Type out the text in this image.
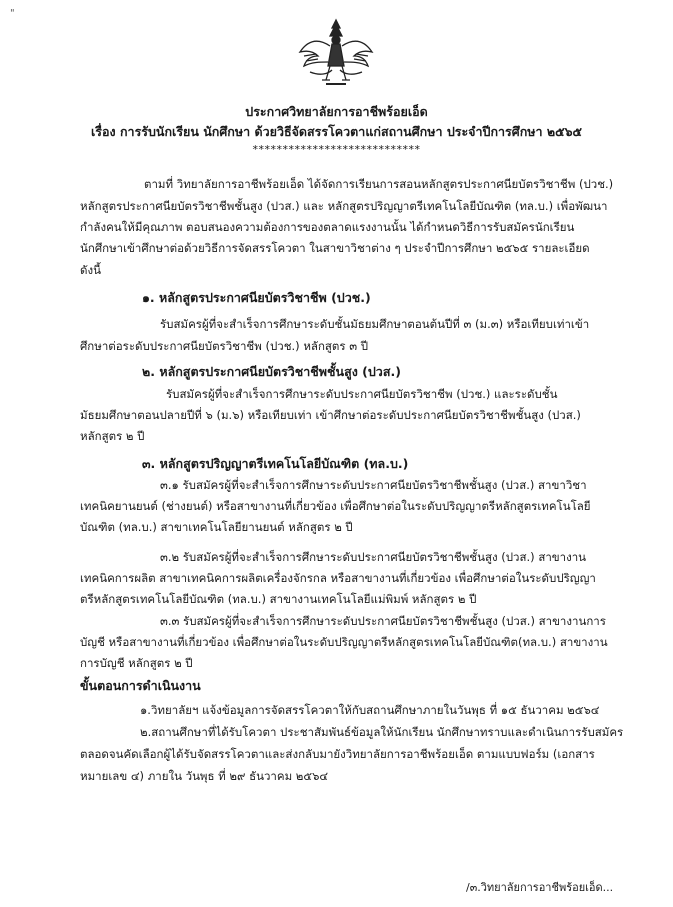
"
ประกาศวิทยาลัยการอาชีพร้อยเอ็ด
เรื่อง การรับนักเรียน นักศึกษา ด้วยวิธีจัดสรรโควตาแก่สถานศึกษา ประจำปีการศึกษา ๒๕๖๕
****************************
ตามที่ วิทยาลัยการอาชีพร้อยเอ็ด ได้จัดการเรียนการสอนหลักสูตรประกาศนียบัตรวิชาชีพ (ปวช.)
หลักสูตรประกาศนียบัตรวิชาชีพชั้นสูง (ปวส.) และ หลักสูตรปริญญาตรีเทคโนโลยีบัณฑิต (ทล.บ.) เพื่อพัฒนา
กำลังคนให้มีคุณภาพ ตอบสนองความต้องการของตลาดแรงงานนั้น ได้กำหนดวิธีการรับสมัครนักเรียน
นักศึกษาเข้าศึกษาต่อด้วยวิธีการจัดสรรโควตา ในสาขาวิชาต่าง ๆ ประจำปีการศึกษา ๒๕๖๕ รายละเอียด
ดังนี้
๑. หลักสูตรประกาศนียบัตรวิชาชีพ (ปวช.)
รับสมัครผู้ที่จะสำเร็จการศึกษาระดับชั้นมัธยมศึกษาตอนต้นปีที่ ๓ (ม.๓) หรือเทียบเท่าเข้า
ศึกษาต่อระดับประกาศนียบัตรวิชาชีพ (ปวช.) หลักสูตร ๓ ปี
๒. หลักสูตรประกาศนียบัตรวิชาชีพชั้นสูง (ปวส.)
รับสมัครผู้ที่จะสำเร็จการศึกษาระดับประกาศนียบัตรวิชาชีพ (ปวช.) และระดับชั้น
มัธยมศึกษาตอนปลายปีที่ ๖ (ม.๖) หรือเทียบเท่า เข้าศึกษาต่อระดับประกาศนียบัตรวิชาชีพชั้นสูง (ปวส.)
หลักสูตร ๒ ปี
๓. หลักสูตรปริญญาตรีเทคโนโลยีบัณฑิต (ทล.บ.)
๓.๑ รับสมัครผู้ที่จะสำเร็จการศึกษาระดับประกาศนียบัตรวิชาชีพชั้นสูง (ปวส.) สาขาวิชา
เทคนิคยานยนต์ (ช่างยนต์) หรือสาขางานที่เกี่ยวข้อง เพื่อศึกษาต่อในระดับปริญญาตรีหลักสูตรเทคโนโลยี
บัณฑิต (ทล.บ.) สาขาเทคโนโลยียานยนต์ หลักสูตร ๒ ปี
๓.๒ รับสมัครผู้ที่จะสำเร็จการศึกษาระดับประกาศนียบัตรวิชาชีพชั้นสูง (ปวส.) สาขางาน
เทคนิคการผลิต สาขาเทคนิคการผลิตเครื่องจักรกล หรือสาขางานที่เกี่ยวข้อง เพื่อศึกษาต่อในระดับปริญญา
ตรีหลักสูตรเทคโนโลยีบัณฑิต (ทล.บ.) สาขางานเทคโนโลยีแม่พิมพ์ หลักสูตร ๒ ปี
๓.๓ รับสมัครผู้ที่จะสำเร็จการศึกษาระดับประกาศนียบัตรวิชาชีพชั้นสูง (ปวส.) สาขางานการ
บัญชี หรือสาขางานที่เกี่ยวข้อง เพื่อศึกษาต่อในระดับปริญญาตรีหลักสูตรเทคโนโลยีบัณฑิต(ทล.บ.) สาขางาน
การบัญชี หลักสูตร ๒ ปี
ขั้นตอนการดำเนินงาน
๑.วิทยาลัยฯ แจ้งข้อมูลการจัดสรรโควตาให้กับสถานศึกษาภายในวันพุธ ที่ ๑๕ ธันวาคม ๒๕๖๔
๒.สถานศึกษาที่ได้รับโควตา ประชาสัมพันธ์ข้อมูลให้นักเรียน นักศึกษาทราบและดำเนินการรับสมัคร
ตลอดจนคัดเลือกผู้ได้รับจัดสรรโควตาและส่งกลับมายังวิทยาลัยการอาชีพร้อยเอ็ด ตามแบบฟอร์ม (เอกสาร
หมายเลข ๔) ภายใน วันพุธ ที่ ๒๙ ธันวาคม ๒๕๖๔
/๓.วิทยาลัยการอาชีพร้อยเอ็ด...
